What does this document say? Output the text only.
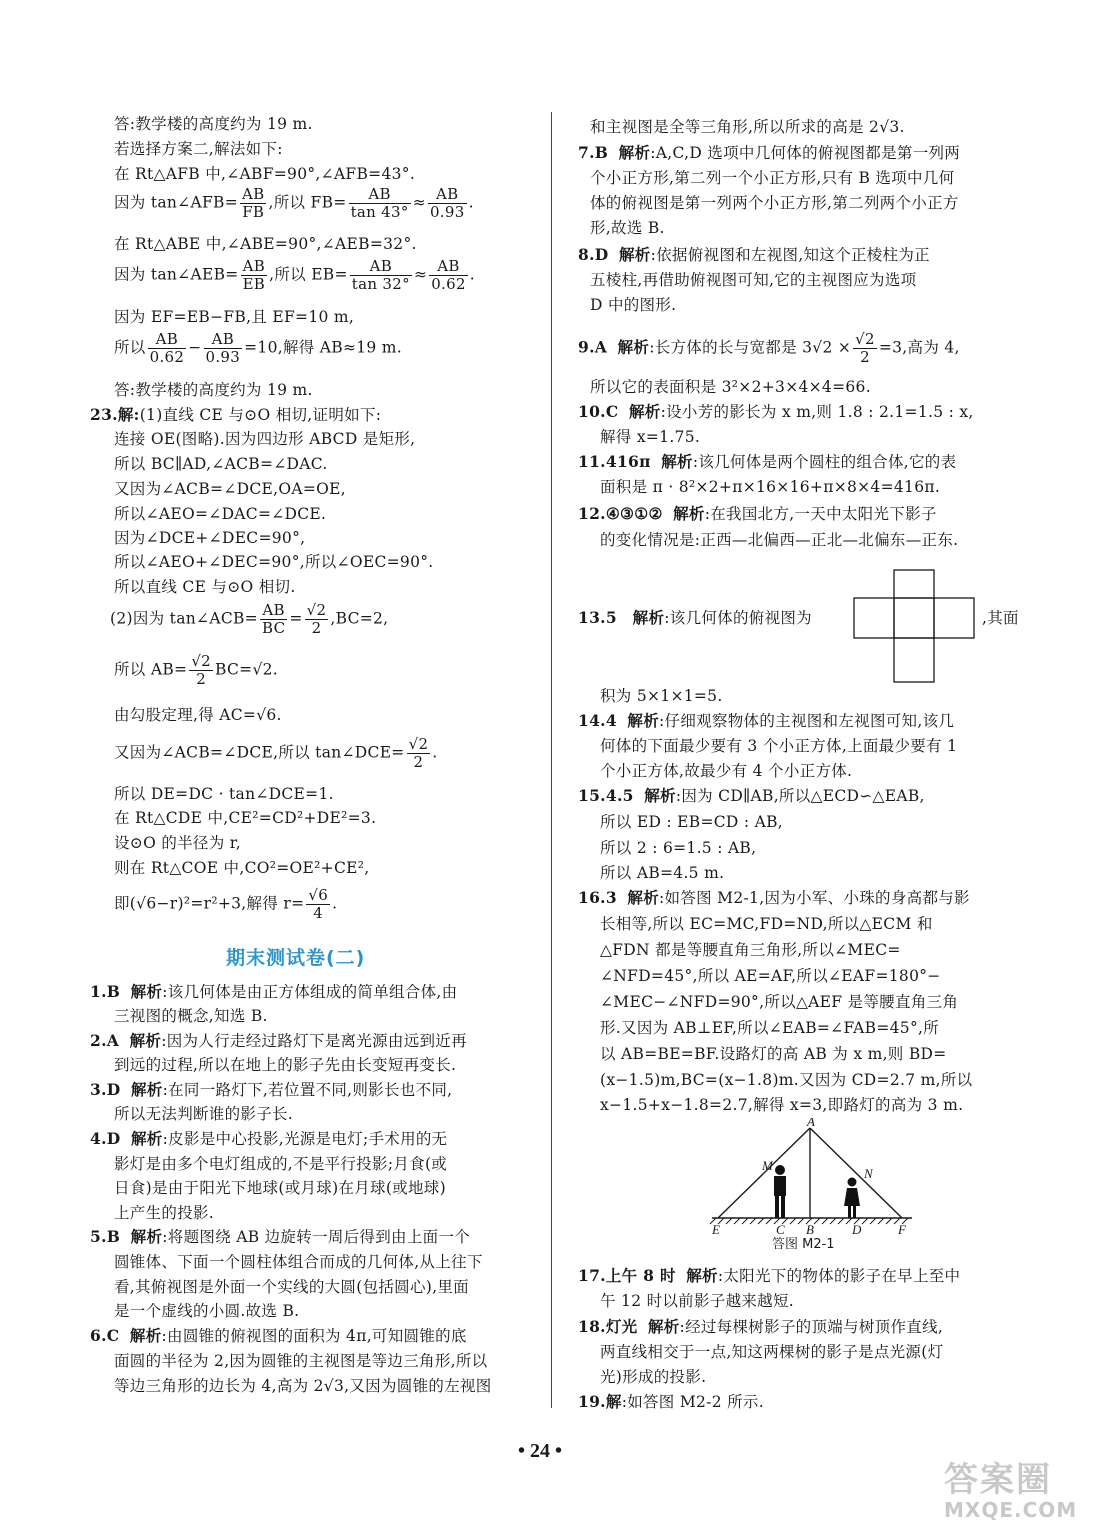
答:教学楼的高度约为 19 m.
若选择方案二,解法如下:
在 Rt△AFB 中,∠ABF=90°,∠AFB=43°.
因为 tan∠AFB= $\frac{AB}{FB}$ ,所以 $FB= \frac{AB}{\tan 43^\circ} \approx \frac{AB}{0.93}$ .
在 Rt△ABE 中,∠ABE=90°,∠AEB=32°.
因为 tan∠AEB= $\frac{AB}{EB}$ ,所以 $EB= \frac{AB}{\tan 32^\circ} \approx \frac{AB}{0.62}$ .
因为 EF=EB−FB,且 EF=10 m,
所以 $\frac{AB}{0.62} - \frac{AB}{0.93} =10$,解得 AB≈19 m.
答:教学楼的高度约为 19 m.
23.解:(1)直线 CE 与⊙O 相切,证明如下:
连接 OE(图略).因为四边形 ABCD 是矩形,
所以 BC∥AD,∠ACB=∠DAC.
又因为∠ACB=∠DCE,OA=OE,
所以∠AEO=∠DAC=∠DCE.
因为∠DCE+∠DEC=90°,
所以∠AEO+∠DEC=90°,所以∠OEC=90°.
所以直线 CE 与⊙O 相切.
(2)因为 tan∠ACB= $\frac{AB}{BC} = \frac{√2}{2} ,BC=2$,
所以 $AB= \frac{√2}{2} BC=√2$.
由勾股定理,得 AC=√6.
又因为∠ACB=∠DCE,所以 tan∠DCE= $\frac{√2}{2}$ .
所以 DE=DC · tan∠DCE=1.
在 Rt△CDE 中,CE²=CD²+DE²=3.
设⊙O 的半径为 r,
则在 Rt△COE 中,CO²=OE²+CE²,
即(√6−r)²=r²+3,解得 $r= \frac{√6}{4}$ .
期末测试卷(二)
1.B 解析:该几何体是由正方体组成的简单组合体,由
三视图的概念,知选 B.
2.A 解析:因为人行走经过路灯下是离光源由远到近再
到远的过程,所以在地上的影子先由长变短再变长.
3.D 解析:在同一路灯下,若位置不同,则影长也不同,
所以无法判断谁的影子长.
4.D 解析:皮影是中心投影,光源是电灯;手术用的无
影灯是由多个电灯组成的,不是平行投影;月食(或
日食)是由于阳光下地球(或月球)在月球(或地球)
上产生的投影.
5.B 解析:将题图绕 AB 边旋转一周后得到由上面一个
圆锥体、下面一个圆柱体组合而成的几何体,从上往下
看,其俯视图是外面一个实线的大圆(包括圆心),里面
是一个虚线的小圆.故选 B.
6.C 解析:由圆锥的俯视图的面积为 4π,可知圆锥的底
面圆的半径为 2,因为圆锥的主视图是等边三角形,所以
等边三角形的边长为 4,高为 2√3,又因为圆锥的左视图
和主视图是全等三角形,所以所求的高是 2√3.
7.B 解析:A,C,D 选项中几何体的俯视图都是第一列两
个小正方形,第二列一个小正方形,只有 B 选项中几何
体的俯视图是第一列两个小正方形,第二列两个小正方
形,故选 B.
8.D 解析:依据俯视图和左视图,知这个正棱柱为正
五棱柱,再借助俯视图可知,它的主视图应为选项
D 中的图形.
9.A 解析:长方体的长与宽都是 $3√2 \times \frac{√2}{2} =3$,高为 4,
所以它的表面积是 3²×2+3×4×4=66.
10.C 解析:设小芳的影长为 x m,则 1.8 : 2.1=1.5 : x,
解得 x=1.75.
11.416π 解析:该几何体是两个圆柱的组合体,它的表
面积是 π · 8²×2+π×16×16+π×8×4=416π.
12.④③①② 解析:在我国北方,一天中太阳光下影子
的变化情况是:正西—北偏西—正北—北偏东—正东.
13.5 解析:该几何体的俯视图为	,其面
积为 5×1×1=5.
14.4 解析:仔细观察物体的主视图和左视图可知,该几
何体的下面最少要有 3 个小正方体,上面最少要有 1
个小正方体,故最少有 4 个小正方体.
15.4.5 解析:因为 CD∥AB,所以△ECD∽△EAB,
所以 ED : EB=CD : AB,
所以 2 : 6=1.5 : AB,
所以 AB=4.5 m.
16.3 解析:如答图 M2-1,因为小军、小珠的身高都与影
长相等,所以 EC=MC,FD=ND,所以△ECM 和
△FDN 都是等腰直角三角形,所以∠MEC=
∠NFD=45°,所以 AE=AF,所以∠EAF=180°−
∠MEC−∠NFD=90°,所以△AEF 是等腰直角三角
形.又因为 AB⊥EF,所以∠EAB=∠FAB=45°,所
以 AB=BE=BF.设路灯的高 AB 为 x m,则 BD=
(x−1.5)m,BC=(x−1.8)m.又因为 CD=2.7 m,所以
x−1.5+x−1.8=2.7,解得 x=3,即路灯的高为 3 m.
A
M
N
E	C B	D	F
答图 M2-1
17.上午 8 时 解析:太阳光下的物体的影子在早上至中
午 12 时以前影子越来越短.
18.灯光 解析:经过每棵树影子的顶端与树顶作直线,
两直线相交于一点,知这两棵树的影子是点光源(灯
光)形成的投影.
19.解:如答图 M2-2 所示.
• 24 •
答案圈
MXQE.COM
